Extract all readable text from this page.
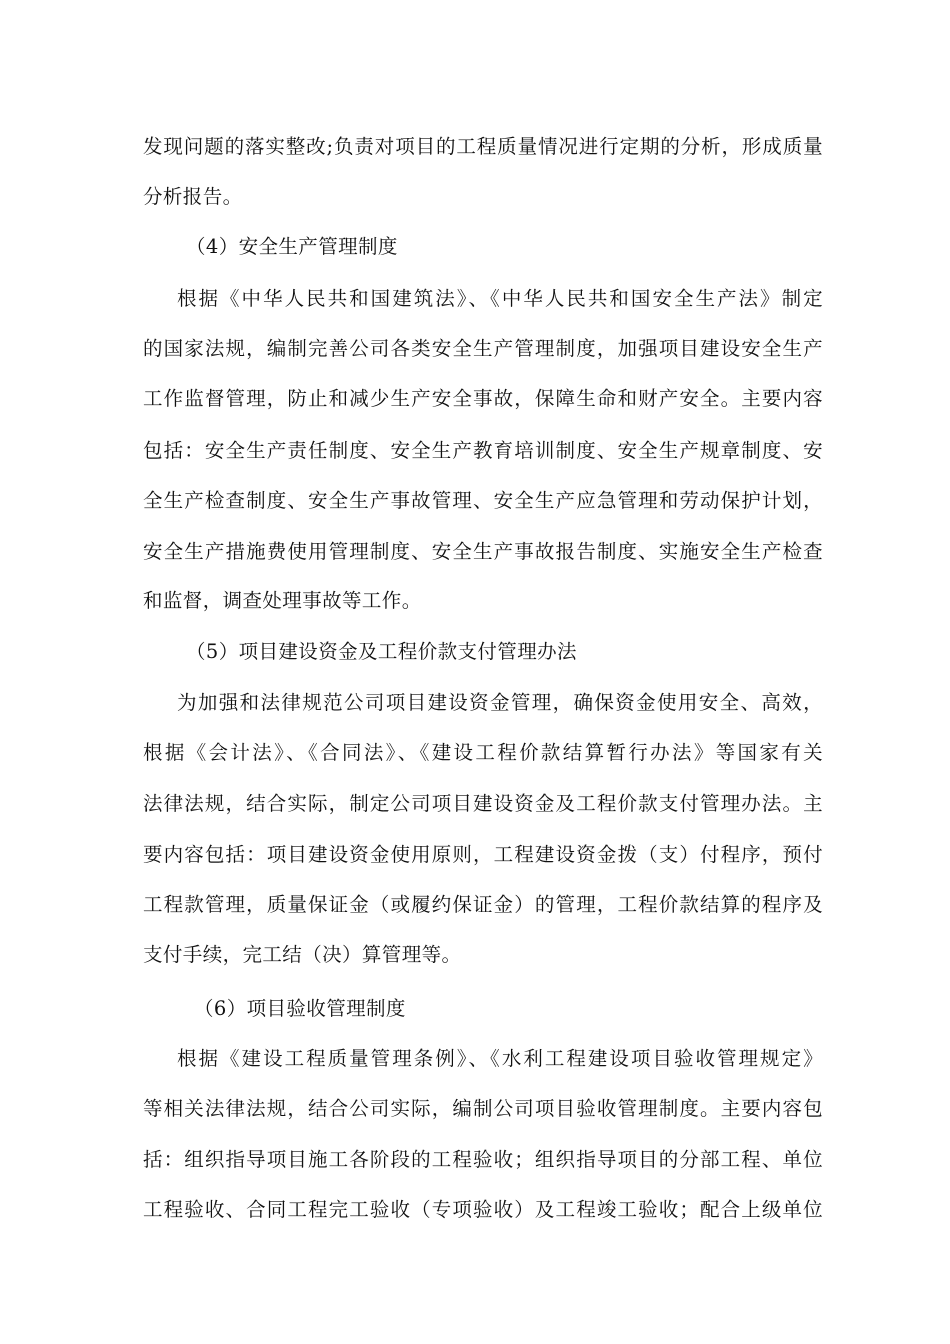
发现问题的落实整改;负责对项目的工程质量情况进行定期的分析，形成质量
分析报告。
（4）安全生产管理制度
根据《中华人民共和国建筑法》、《中华人民共和国安全生产法》制定
的国家法规，编制完善公司各类安全生产管理制度，加强项目建设安全生产
工作监督管理，防止和减少生产安全事故，保障生命和财产安全。主要内容
包括：安全生产责任制度、安全生产教育培训制度、安全生产规章制度、安
全生产检查制度、安全生产事故管理、安全生产应急管理和劳动保护计划，
安全生产措施费使用管理制度、安全生产事故报告制度、实施安全生产检查
和监督，调查处理事故等工作。
（5）项目建设资金及工程价款支付管理办法
为加强和法律规范公司项目建设资金管理，确保资金使用安全、高效，
根据《会计法》、《合同法》、《建设工程价款结算暂行办法》等国家有关
法律法规，结合实际，制定公司项目建设资金及工程价款支付管理办法。主
要内容包括：项目建设资金使用原则，工程建设资金拨（支）付程序，预付
工程款管理，质量保证金（或履约保证金）的管理，工程价款结算的程序及
支付手续，完工结（决）算管理等。
（6）项目验收管理制度
根据《建设工程质量管理条例》、《水利工程建设项目验收管理规定》
等相关法律法规，结合公司实际，编制公司项目验收管理制度。主要内容包
括：组织指导项目施工各阶段的工程验收；组织指导项目的分部工程、单位
工程验收、合同工程完工验收（专项验收）及工程竣工验收；配合上级单位
